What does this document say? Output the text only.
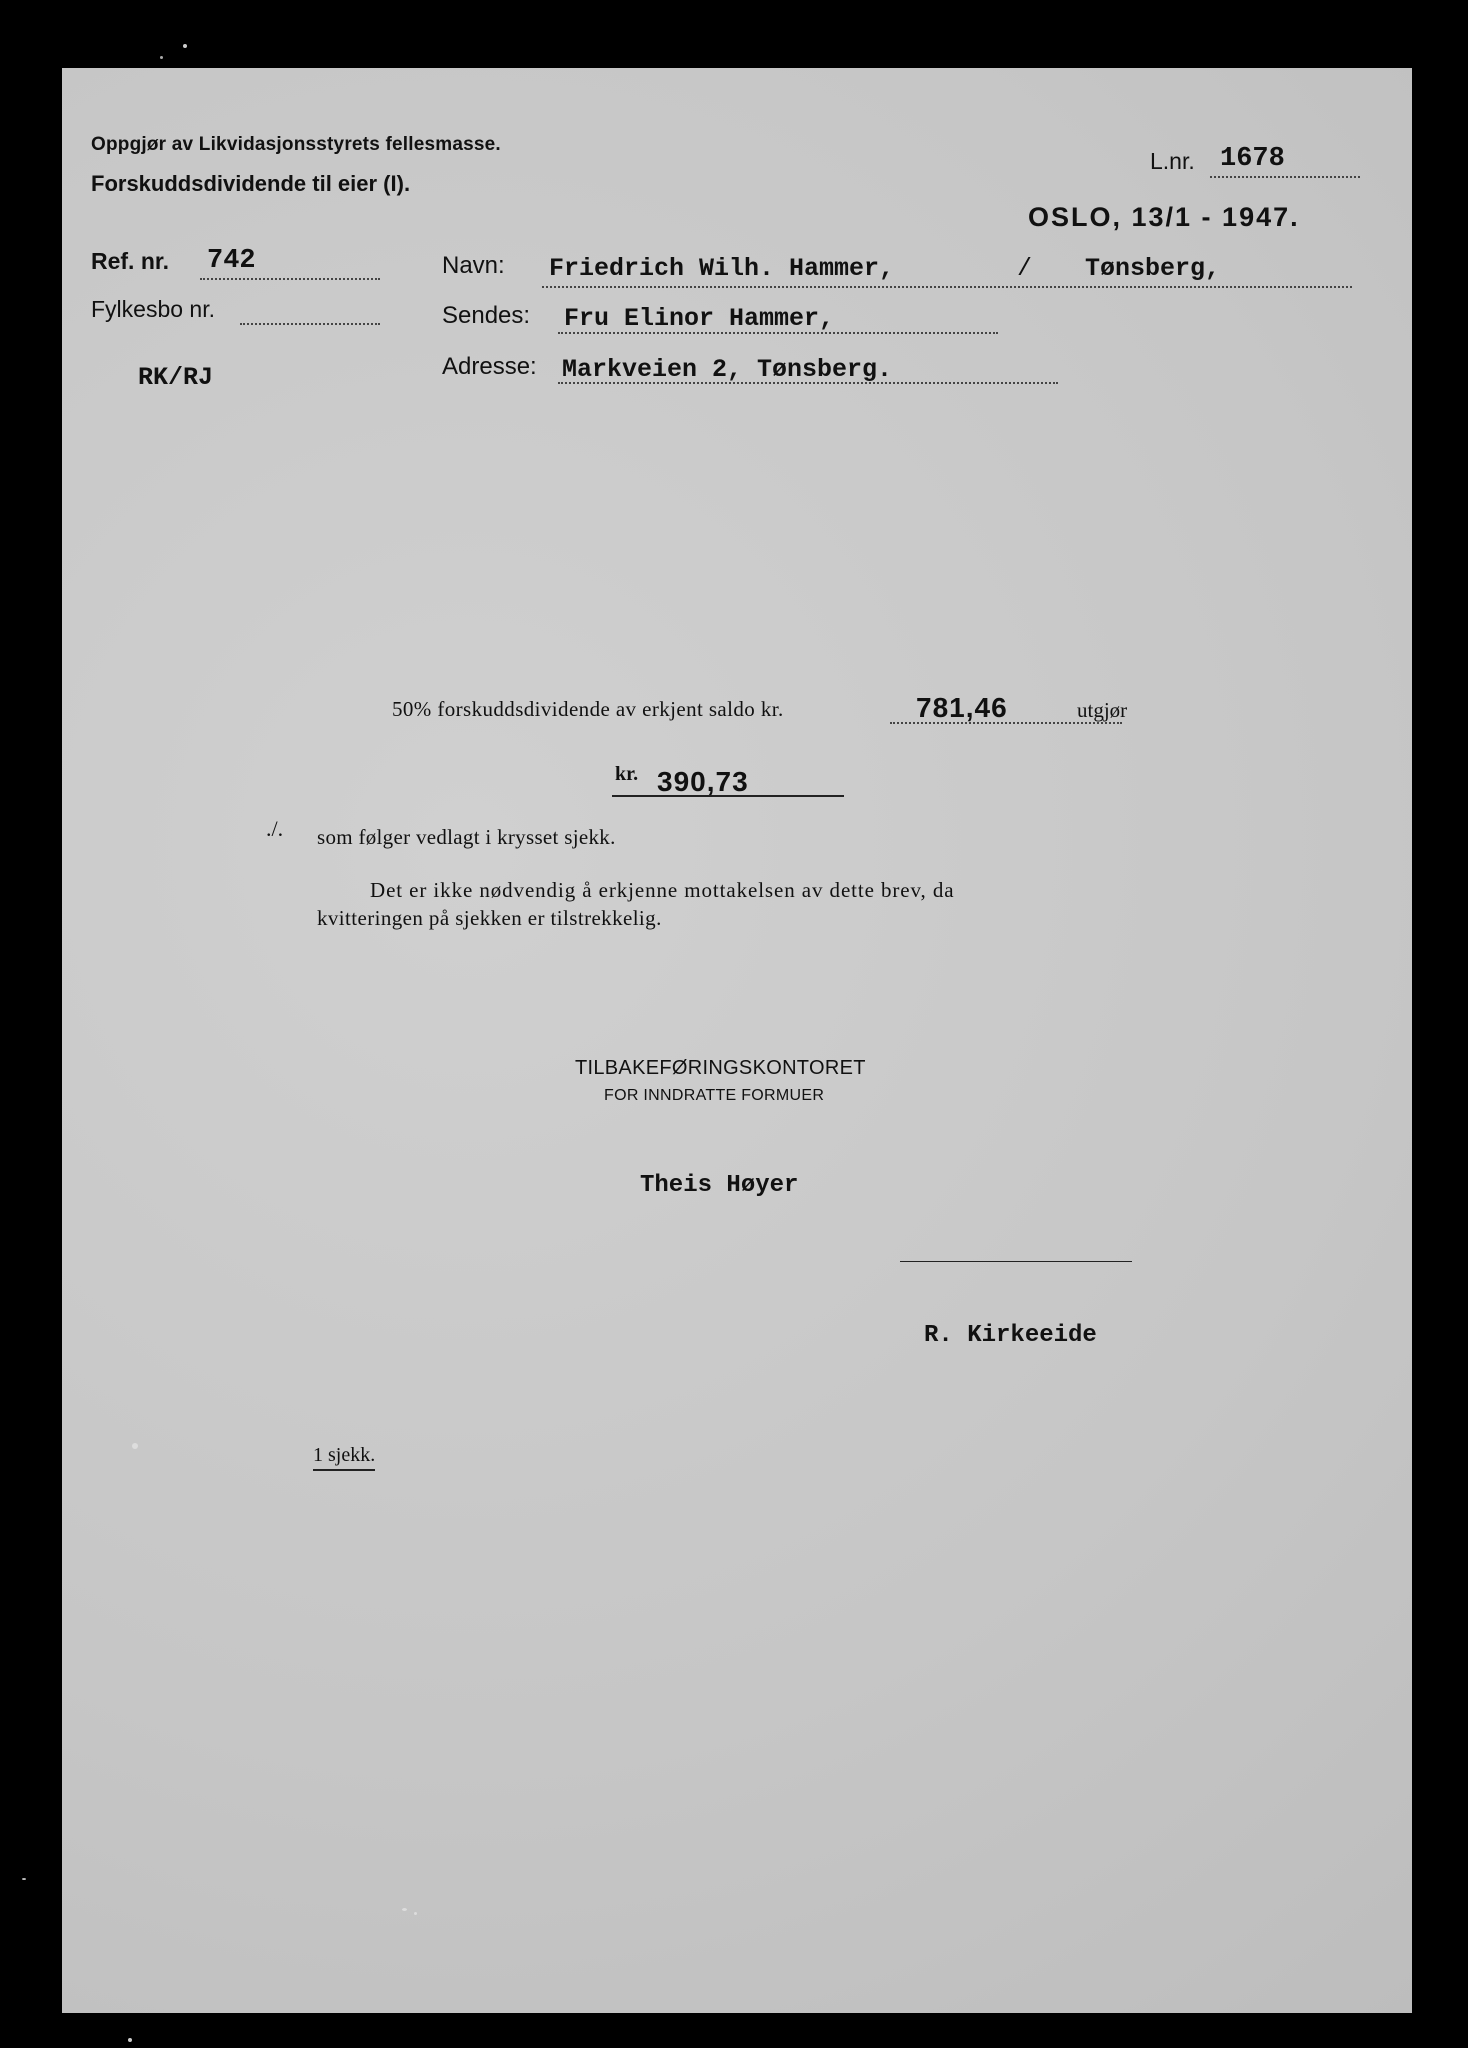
Oppgjør av Likvidasjonsstyrets fellesmasse.
Forskuddsdividende til eier (I).
L.nr. 1678
OSLO, 13/1 - 1947.
Ref. nr. 742
Fylkesbo nr.
RK/RJ
Navn: Friedrich Wilh. Hammer,	/ Tønsberg,
Sendes: Fru Elinor Hammer,
Adresse: Markveien 2, Tønsberg.
50% forskuddsdividende av erkjent saldo kr.	781,46	utgjør
kr. 390,73
./. som følger vedlagt i krysset sjekk.
Det er ikke nødvendig å erkjenne mottakelsen av dette brev, da
kvitteringen på sjekken er tilstrekkelig.
TILBAKEFØRINGSKONTORET
FOR INNDRATTE FORMUER
Theis Høyer
R. Kirkeeide
1 sjekk.
